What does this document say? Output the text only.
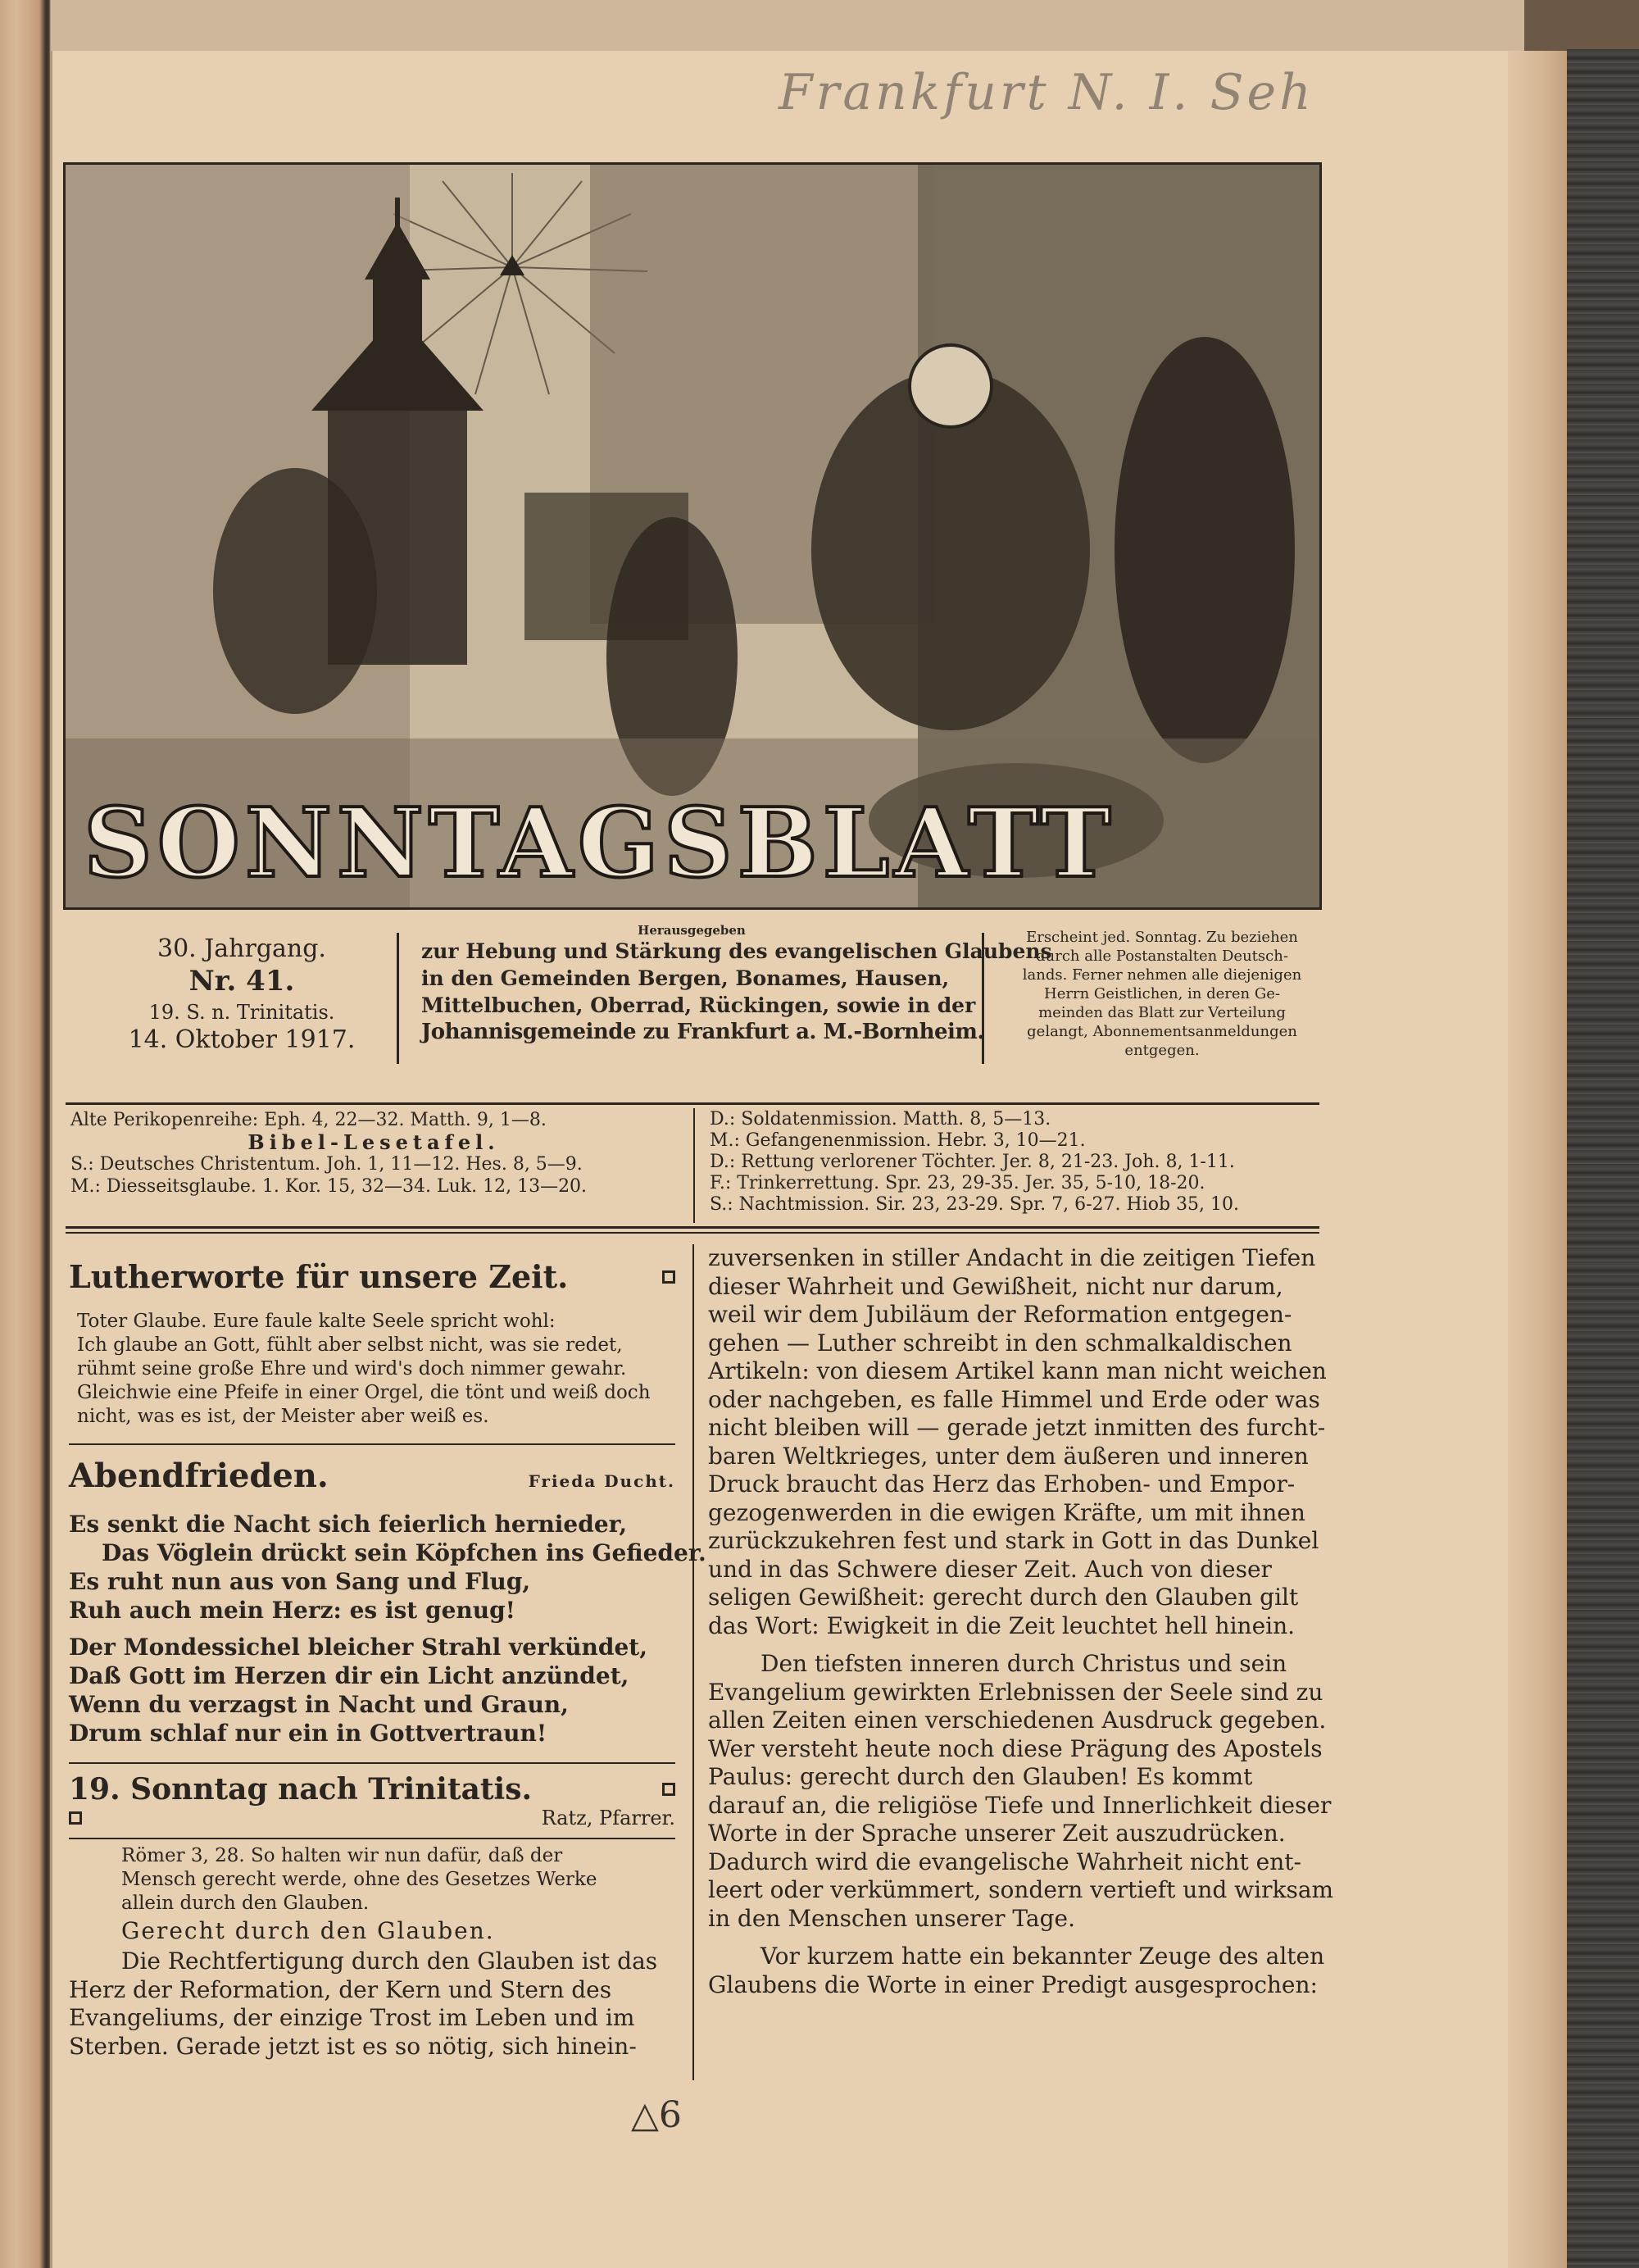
Frankfurt N. I. Seh
SONNTAGSBLATT
30. Jahrgang.
Nr. 41.
19. S. n. Trinitatis.
14. Oktober 1917.
Herausgegeben
zur Hebung und Stärkung des evangelischen Glaubens
in den Gemeinden Bergen, Bonames, Hausen,
Mittelbuchen, Oberrad, Rückingen, sowie in der
Johannisgemeinde zu Frankfurt a. M.-Bornheim.
Erscheint jed. Sonntag. Zu beziehen
durch alle Postanstalten Deutsch-
lands. Ferner nehmen alle diejenigen
Herrn Geistlichen, in deren Ge-
meinden das Blatt zur Verteilung
gelangt, Abonnementsanmeldungen
entgegen.
Alte Perikopenreihe: Eph. 4, 22—32. Matth. 9, 1—8.
Bibel-Lesetafel.
S.: Deutsches Christentum. Joh. 1, 11—12. Hes. 8, 5—9.
M.: Diesseitsglaube. 1. Kor. 15, 32—34. Luk. 12, 13—20.
D.: Soldatenmission. Matth. 8, 5—13.
M.: Gefangenenmission. Hebr. 3, 10—21.
D.: Rettung verlorener Töchter. Jer. 8, 21-23. Joh. 8, 1-11.
F.: Trinkerrettung. Spr. 23, 29-35. Jer. 35, 5-10, 18-20.
S.: Nachtmission. Sir. 23, 23-29. Spr. 7, 6-27. Hiob 35, 10.
Lutherworte für unsere Zeit.
Toter Glaube. Eure faule kalte Seele spricht wohl:
Ich glaube an Gott, fühlt aber selbst nicht, was sie redet,
rühmt seine große Ehre und wird's doch nimmer gewahr.
Gleichwie eine Pfeife in einer Orgel, die tönt und weiß doch
nicht, was es ist, der Meister aber weiß es.
Abendfrieden.	Frieda Ducht.
Es senkt die Nacht sich feierlich hernieder,
Das Vöglein drückt sein Köpfchen ins Gefieder.
Es ruht nun aus von Sang und Flug,
Ruh auch mein Herz: es ist genug!
Der Mondessichel bleicher Strahl verkündet,
Daß Gott im Herzen dir ein Licht anzündet,
Wenn du verzagst in Nacht und Graun,
Drum schlaf nur ein in Gottvertraun!
19. Sonntag nach Trinitatis.
Ratz, Pfarrer.
Römer 3, 28. So halten wir nun dafür, daß der
Mensch gerecht werde, ohne des Gesetzes Werke
allein durch den Glauben.
Gerecht durch den Glauben.
Die Rechtfertigung durch den Glauben ist das
Herz der Reformation, der Kern und Stern des
Evangeliums, der einzige Trost im Leben und im
Sterben. Gerade jetzt ist es so nötig, sich hinein-
zuversenken in stiller Andacht in die zeitigen Tiefen
dieser Wahrheit und Gewißheit, nicht nur darum,
weil wir dem Jubiläum der Reformation entgegen-
gehen — Luther schreibt in den schmalkaldischen
Artikeln: von diesem Artikel kann man nicht weichen
oder nachgeben, es falle Himmel und Erde oder was
nicht bleiben will — gerade jetzt inmitten des furcht-
baren Weltkrieges, unter dem äußeren und inneren
Druck braucht das Herz das Erhoben- und Empor-
gezogenwerden in die ewigen Kräfte, um mit ihnen
zurückzukehren fest und stark in Gott in das Dunkel
und in das Schwere dieser Zeit. Auch von dieser
seligen Gewißheit: gerecht durch den Glauben gilt
das Wort: Ewigkeit in die Zeit leuchtet hell hinein.
Den tiefsten inneren durch Christus und sein
Evangelium gewirkten Erlebnissen der Seele sind zu
allen Zeiten einen verschiedenen Ausdruck gegeben.
Wer versteht heute noch diese Prägung des Apostels
Paulus: gerecht durch den Glauben! Es kommt
darauf an, die religiöse Tiefe und Innerlichkeit dieser
Worte in der Sprache unserer Zeit auszudrücken.
Dadurch wird die evangelische Wahrheit nicht ent-
leert oder verkümmert, sondern vertieft und wirksam
in den Menschen unserer Tage.
Vor kurzem hatte ein bekannter Zeuge des alten
Glaubens die Worte in einer Predigt ausgesprochen:
△6
